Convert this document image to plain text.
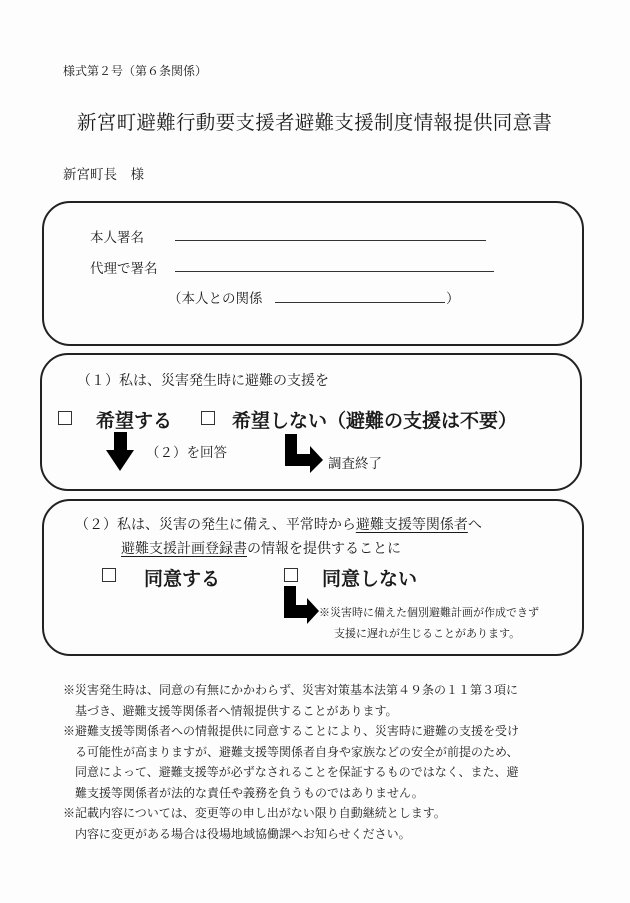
様式第２号（第６条関係）
新宮町避難行動要支援者避難支援制度情報提供同意書
新宮町長　様
本人署名
代理で署名
（本人との関係	）
（１）私は、災害発生時に避難の支援を
希望する	希望しない（避難の支援は不要）
（２）を回答
調査終了
（２）私は、災害の発生に備え、平常時から避難支援等関係者へ
避難支援計画登録書の情報を提供することに
同意する	同意しない
※災害時に備えた個別避難計画が作成できず
支援に遅れが生じることがあります。
※災害発生時は、同意の有無にかかわらず、災害対策基本法第４９条の１１第３項に
　基づき、避難支援等関係者へ情報提供することがあります。
※避難支援等関係者への情報提供に同意することにより、災害時に避難の支援を受け
　る可能性が高まりますが、避難支援等関係者自身や家族などの安全が前提のため、
　同意によって、避難支援等が必ずなされることを保証するものではなく、また、避
　難支援等関係者が法的な責任や義務を負うものではありません。
※記載内容については、変更等の申し出がない限り自動継続とします。
　内容に変更がある場合は役場地域協働課へお知らせください。
